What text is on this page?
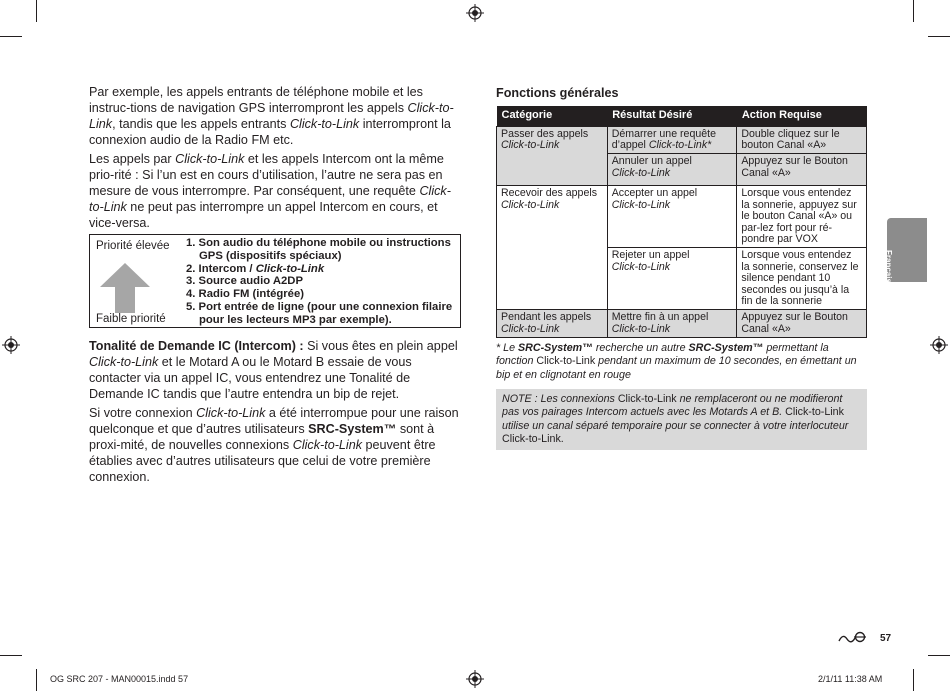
Par exemple, les appels entrants de téléphone mobile et les instruc-tions de navigation GPS interrompront les appels Click-to-Link, tandis que les appels entrants Click-to-Link interrompront la connexion audio de la Radio FM etc.

Les appels par Click-to-Link et les appels Intercom ont la même prio-rité : Si l’un est en cours d’utilisation, l’autre ne sera pas en mesure de vous interrompre. Par conséquent, une requête Click-to-Link ne peut pas interrompre un appel Intercom en cours, et vice-versa.

Priorité élevée
Faible priorité
1. Son audio du téléphone mobile ou instructions
GPS (dispositifs spéciaux)
2. Intercom / Click-to-Link
3. Source audio A2DP
4. Radio FM (intégrée)
5. Port entrée de ligne (pour une connexion filaire
pour les lecteurs MP3 par exemple).

Tonalité de Demande IC (Intercom) : Si vous êtes en plein appel Click-to-Link et le Motard A ou le Motard B essaie de vous contacter via un appel IC, vous entendrez une Tonalité de Demande IC tandis que l’autre entendra un bip de rejet.

Si votre connexion Click-to-Link a été interrompue pour une raison quelconque et que d’autres utilisateurs SRC-System™ sont à proxi-mité, de nouvelles connexions Click-to-Link peuvent être établies avec d’autres utilisateurs que celui de votre première connexion.

Fonctions générales
Catégorie	Résultat Désiré	Action Requise
Passer des appels
Click-to-Link	Démarrer une requête d’appel Click-to-Link*	Double cliquez sur le bouton Canal «A»
	Annuler un appel
Click-to-Link	Appuyez sur le Bouton Canal «A»
Recevoir des appels
Click-to-Link	Accepter un appel
Click-to-Link	Lorsque vous entendez la sonnerie, appuyez sur le bouton Canal «A» ou par-lez fort pour ré-pondre par VOX
	Rejeter un appel
Click-to-Link	Lorsque vous entendez la sonnerie, conservez le silence pendant 10 secondes ou jusqu’à la fin de la sonnerie
Pendant les appels
Click-to-Link	Mettre fin à un appel
Click-to-Link	Appuyez sur le Bouton Canal «A»
* Le SRC-System™ recherche un autre SRC-System™ permettant la fonction Click-to-Link pendant un maximum de 10 secondes, en émettant un bip et en clignotant en rouge
NOTE : Les connexions Click-to-Link ne remplaceront ou ne modifieront pas vos pairages Intercom actuels avec les Motards A et B. Click-to-Link utilise un canal séparé temporaire pour se connecter à votre interlocuteur Click-to-Link.
Français
57
OG SRC 207 - MAN00015.indd 57	2/1/11 11:38 AM
